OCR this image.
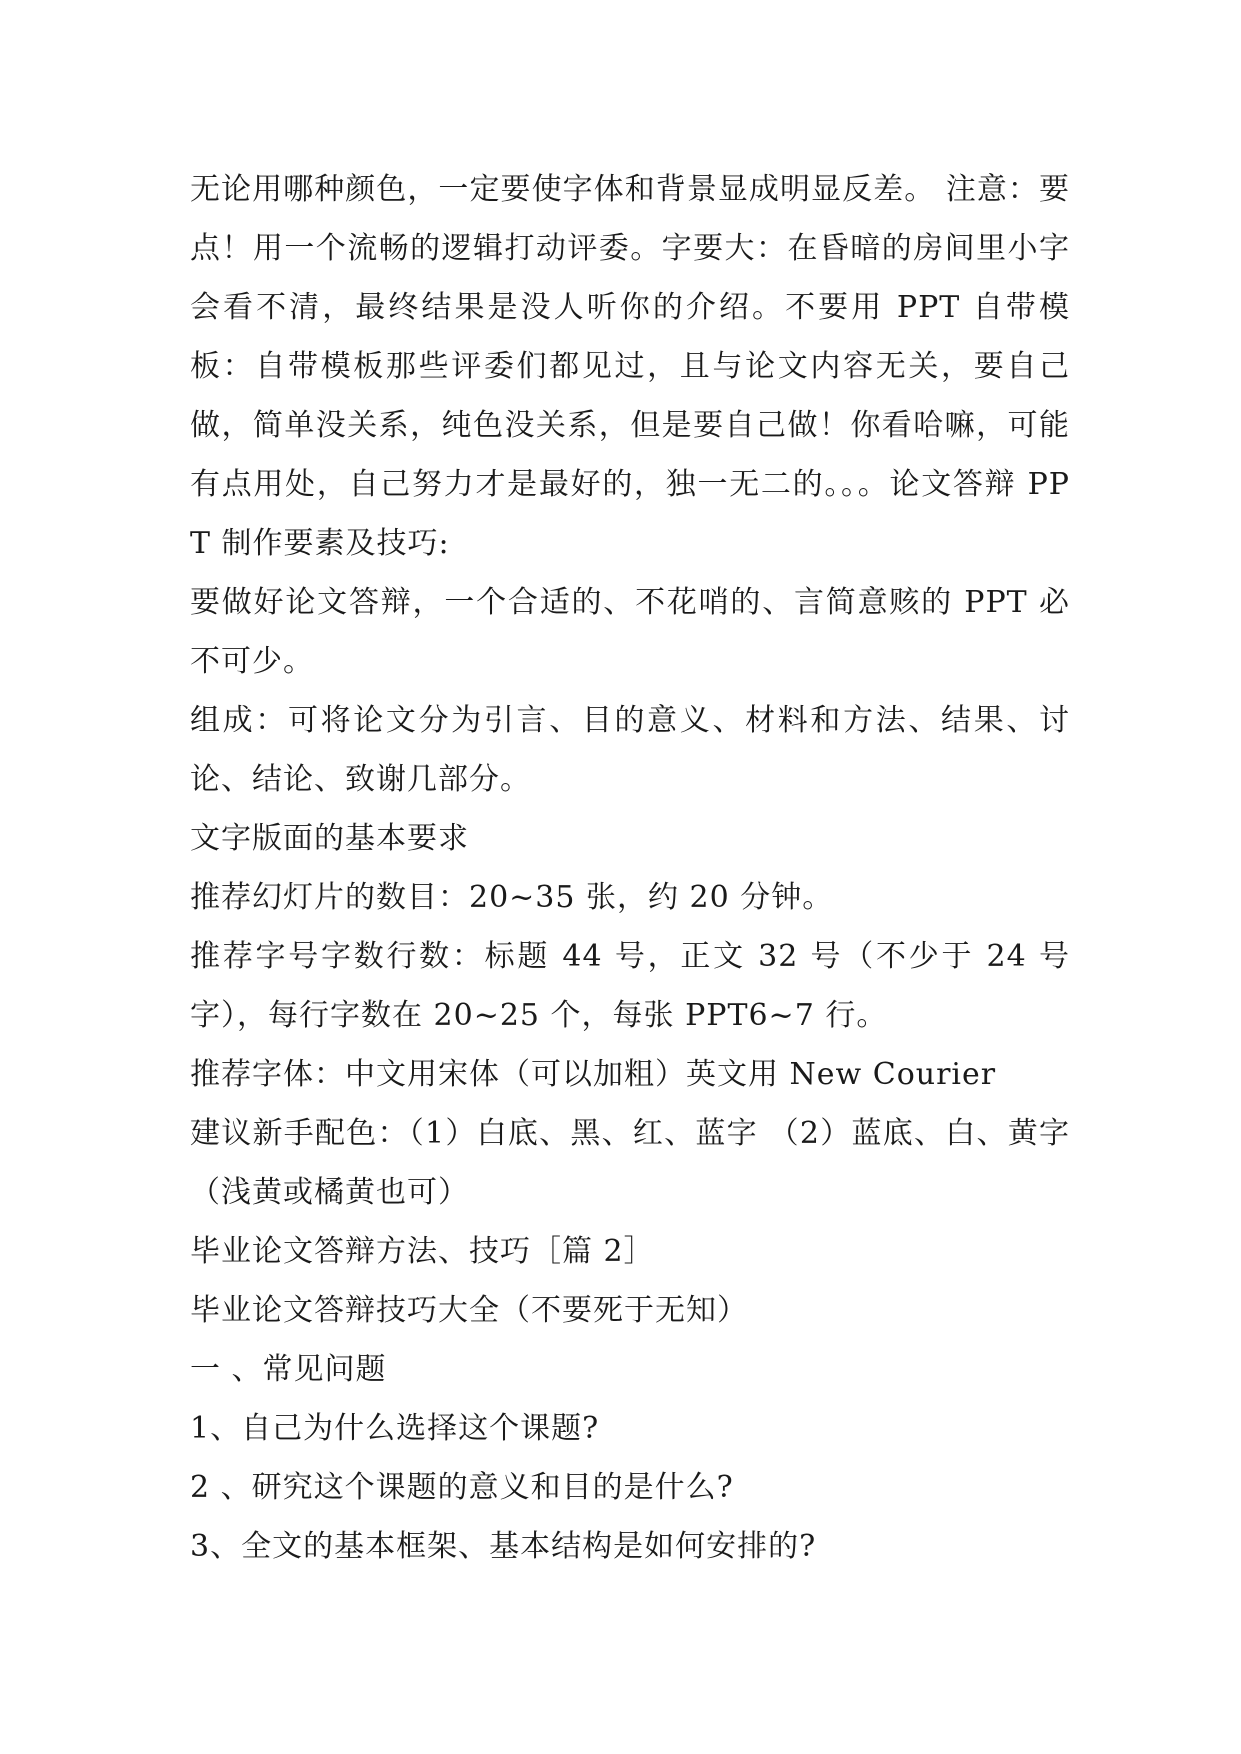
无论用哪种颜色，一定要使字体和背景显成明显反差。 注意：要点！用一个流畅的逻辑打动评委。字要大：在昏暗的房间里小字会看不清，最终结果是没人听你的介绍。不要用 PPT 自带模板：自带模板那些评委们都见过，且与论文内容无关，要自己做，简单没关系，纯色没关系，但是要自己做！你看哈嘛，可能有点用处，自己努力才是最好的，独一无二的。。。论文答辩 PPT 制作要素及技巧:

要做好论文答辩，一个合适的、不花哨的、言简意赅的 PPT 必不可少。

组成：可将论文分为引言、目的意义、材料和方法、结果、讨论、结论、致谢几部分。

文字版面的基本要求

推荐幻灯片的数目：20~35 张，约 20 分钟。

推荐字号字数行数：标题 44 号，正文 32 号（不少于 24 号字），每行字数在 20~25 个，每张 PPT6~7 行。

推荐字体：中文用宋体（可以加粗）英文用 New Courier

建议新手配色：（1）白底、黑、红、蓝字 （2）蓝底、白、黄字（浅黄或橘黄也可）

毕业论文答辩方法、技巧［篇 2］

毕业论文答辩技巧大全（不要死于无知）

一 、常见问题

1、自己为什么选择这个课题?

2 、研究这个课题的意义和目的是什么?

3、全文的基本框架、基本结构是如何安排的?
